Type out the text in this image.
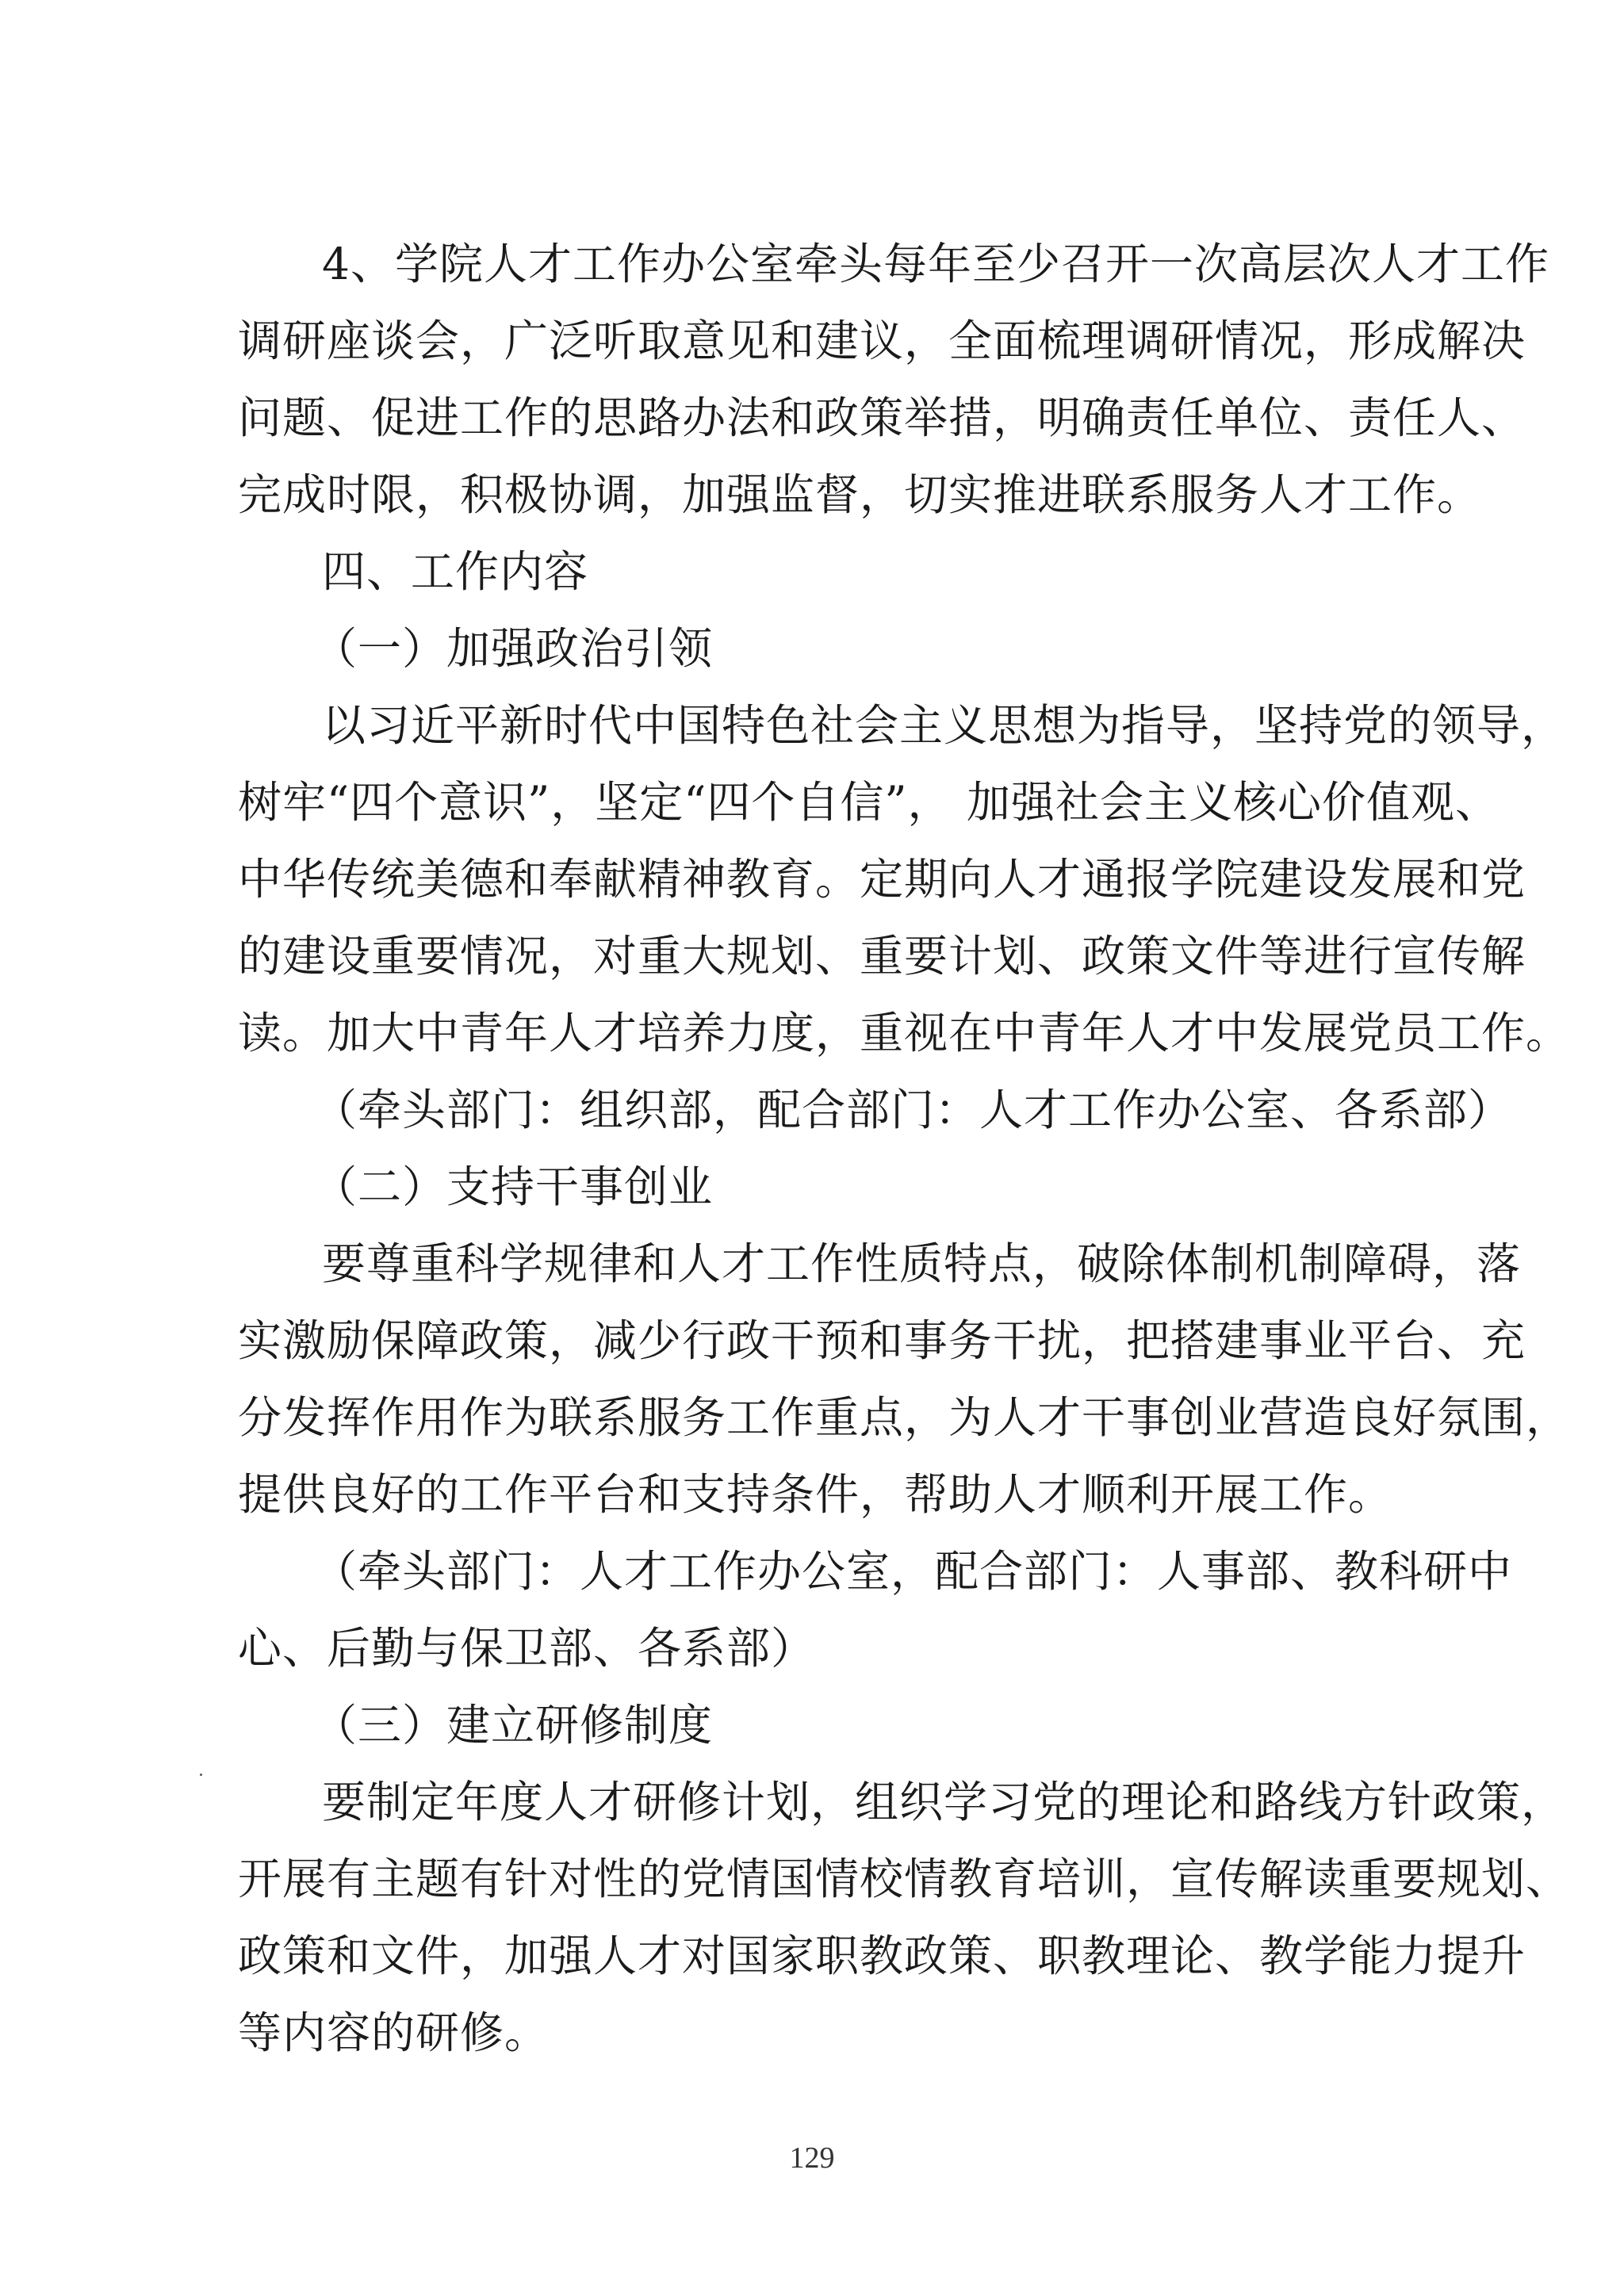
4、学院人才工作办公室牵头每年至少召开一次高层次人才工作
调研座谈会，广泛听取意见和建议，全面梳理调研情况，形成解决
问题、促进工作的思路办法和政策举措，明确责任单位、责任人、
完成时限，积极协调，加强监督，切实推进联系服务人才工作。
四、工作内容
（一）加强政治引领
以习近平新时代中国特色社会主义思想为指导，坚持党的领导，
树牢“四个意识”，坚定“四个自信”， 加强社会主义核心价值观、
中华传统美德和奉献精神教育。定期向人才通报学院建设发展和党
的建设重要情况，对重大规划、重要计划、政策文件等进行宣传解
读。加大中青年人才培养力度，重视在中青年人才中发展党员工作。
（牵头部门：组织部，配合部门：人才工作办公室、各系部）
（二）支持干事创业
要尊重科学规律和人才工作性质特点，破除体制机制障碍，落
实激励保障政策，减少行政干预和事务干扰，把搭建事业平台、充
分发挥作用作为联系服务工作重点，为人才干事创业营造良好氛围，
提供良好的工作平台和支持条件，帮助人才顺利开展工作。
（牵头部门：人才工作办公室，配合部门：人事部、教科研中
心、后勤与保卫部、各系部）
（三）建立研修制度
要制定年度人才研修计划，组织学习党的理论和路线方针政策，
开展有主题有针对性的党情国情校情教育培训，宣传解读重要规划、
政策和文件，加强人才对国家职教政策、职教理论、教学能力提升
等内容的研修。
129
